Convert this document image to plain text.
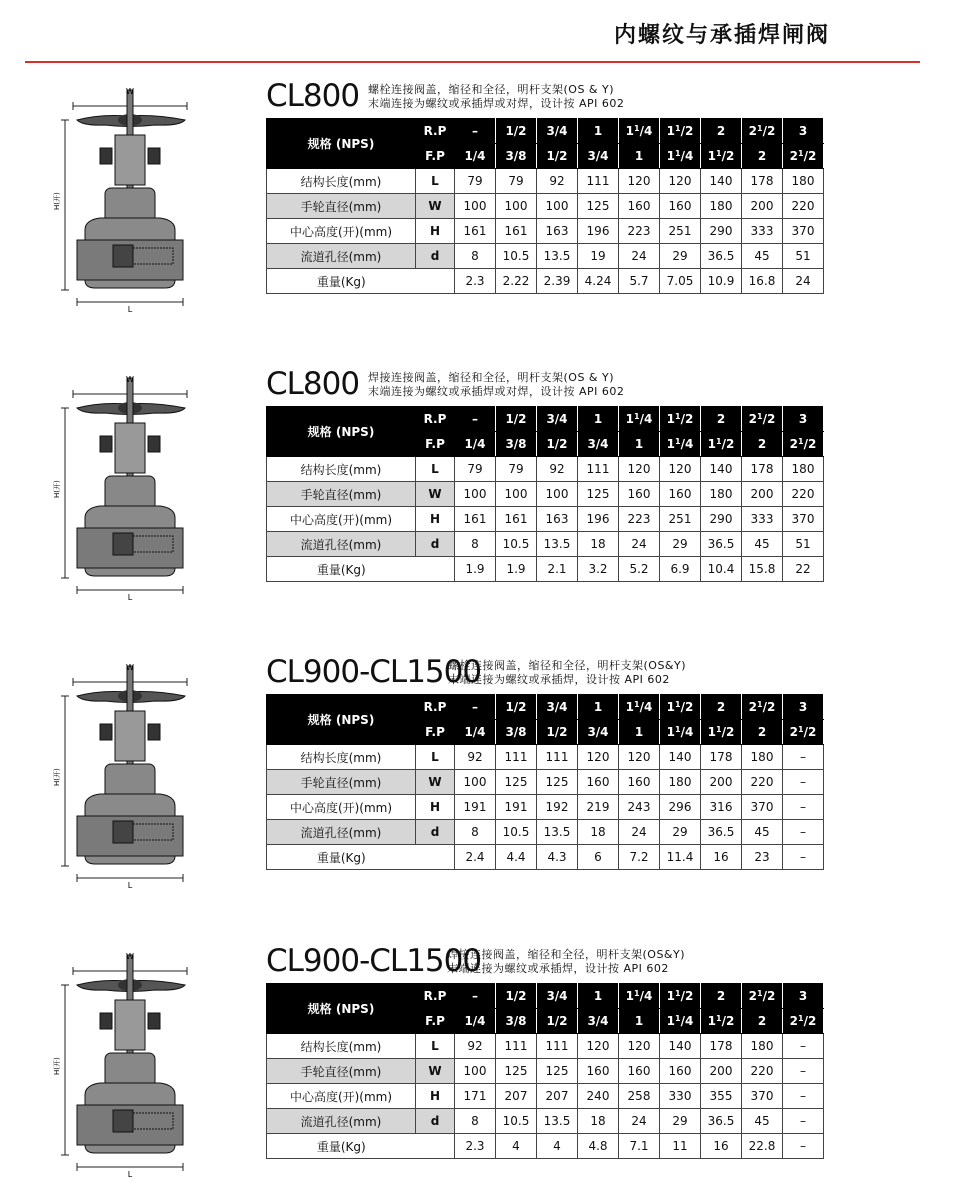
内螺纹与承插焊闸阀
W
H(开)
L
CL800 螺栓连接阀盖，缩径和全径，明杆支架(OS & Y)
末端连接为螺纹或承插焊或对焊，设计按 API 602
规格 (NPS)	R.P	–	1/2	3/4	1	$1^1/4$	$1^1/2$	2	$2^1/2$	3
	F.P	1/4	3/8	1/2	3/4	1	$1^1/4$	$1^1/2$	2	$2^1/2$
结构长度(mm)	L	79	79	92	111	120	120	140	178	180
手轮直径(mm)	W	100	100	100	125	160	160	180	200	220
中心高度(开)(mm)	H	161	161	163	196	223	251	290	333	370
流道孔径(mm)	d	8	10.5	13.5	19	24	29	36.5	45	51
重量(Kg)		2.3	2.22	2.39	4.24	5.7	7.05	10.9	16.8	24
W
H(开)
L
CL800 焊接连接阀盖，缩径和全径，明杆支架(OS & Y)
末端连接为螺纹或承插焊或对焊，设计按 API 602
规格 (NPS)	R.P	–	1/2	3/4	1	$1^1/4$	$1^1/2$	2	$2^1/2$	3
	F.P	1/4	3/8	1/2	3/4	1	$1^1/4$	$1^1/2$	2	$2^1/2$
结构长度(mm)	L	79	79	92	111	120	120	140	178	180
手轮直径(mm)	W	100	100	100	125	160	160	180	200	220
中心高度(开)(mm)	H	161	161	163	196	223	251	290	333	370
流道孔径(mm)	d	8	10.5	13.5	18	24	29	36.5	45	51
重量(Kg)		1.9	1.9	2.1	3.2	5.2	6.9	10.4	15.8	22
W
H(开)
L
CL900-CL1500
螺栓连接阀盖，缩径和全径，明杆支架(OS&Y)
末端连接为螺纹或承插焊，设计按 API 602
规格 (NPS)	R.P	–	1/2	3/4	1	$1^1/4$	$1^1/2$	2	$2^1/2$	3
	F.P	1/4	3/8	1/2	3/4	1	$1^1/4$	$1^1/2$	2	$2^1/2$
结构长度(mm)	L	92	111	111	120	120	140	178	180	–
手轮直径(mm)	W	100	125	125	160	160	180	200	220	–
中心高度(开)(mm)	H	191	191	192	219	243	296	316	370	–
流道孔径(mm)	d	8	10.5	13.5	18	24	29	36.5	45	–
重量(Kg)		2.4	4.4	4.3	6	7.2	11.4	16	23	–
W
H(开)
L
CL900-CL1500
焊接连接阀盖，缩径和全径，明杆支架(OS&Y)
末端连接为螺纹或承插焊，设计按 API 602
规格 (NPS)	R.P	–	1/2	3/4	1	$1^1/4$	$1^1/2$	2	$2^1/2$	3
	F.P	1/4	3/8	1/2	3/4	1	$1^1/4$	$1^1/2$	2	$2^1/2$
结构长度(mm)	L	92	111	111	120	120	140	178	180	–
手轮直径(mm)	W	100	125	125	160	160	160	200	220	–
中心高度(开)(mm)	H	171	207	207	240	258	330	355	370	–
流道孔径(mm)	d	8	10.5	13.5	18	24	29	36.5	45	–
重量(Kg)		2.3	4	4	4.8	7.1	11	16	22.8	–
